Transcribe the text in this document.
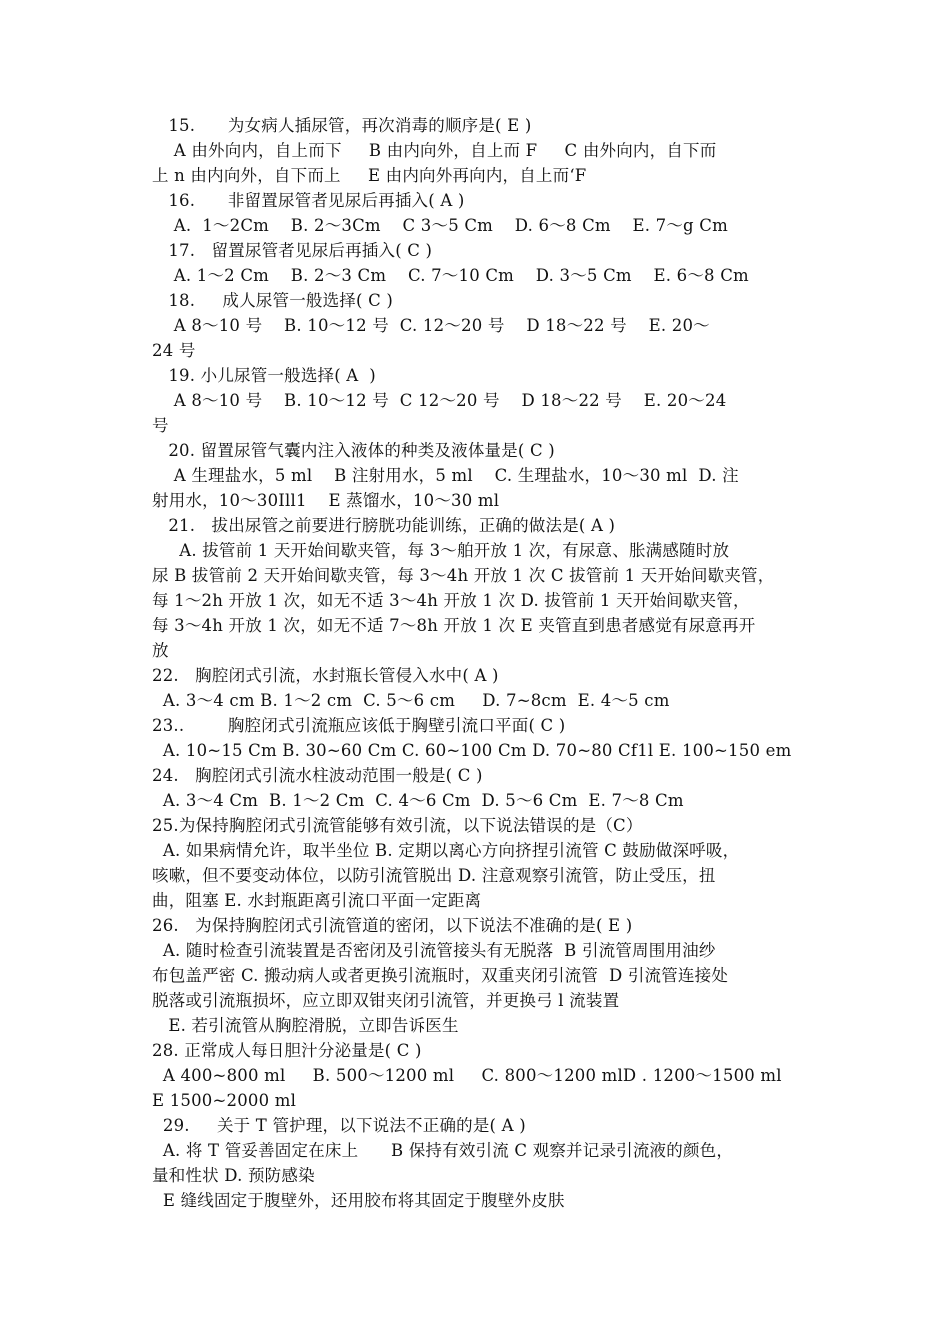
15.      为女病人插尿管，再次消毒的顺序是( E )
A 由外向内，自上而下     B 由内向外，自上而 F     C 由外向内，自下而
上 n 由内向外，自下而上     E 由内向外再向内，自上而‘F
16.      非留置尿管者见尿后再插入( A )
A.  1～2Cm    B. 2～3Cm    C 3～5 Cm    D. 6～8 Cm    E. 7～g Cm
17.   留置尿管者见尿后再插入( C )
A. 1～2 Cm    B. 2～3 Cm    C. 7～10 Cm    D. 3～5 Cm    E. 6～8 Cm
18.     成人尿管一般选择( C )
A 8～10 号    B. 10～12 号  C. 12～20 号    D 18～22 号    E. 20～
24 号
19. 小儿尿管一般选择( A  )
A 8～10 号    B. 10～12 号  C 12～20 号    D 18～22 号    E. 20～24
号
20. 留置尿管气囊内注入液体的种类及液体量是( C )
A 生理盐水，5 ml    B 注射用水，5 ml    C. 生理盐水，10～30 ml  D. 注
射用水，10～30Ill1    E 蒸馏水，10～30 ml
21.   拔出尿管之前要进行膀胱功能训练，正确的做法是( A )
A. 拔管前 1 天开始间歇夹管，每 3～舶开放 1 次，有尿意、胀满感随时放
尿 B 拔管前 2 天开始间歇夹管，每 3～4h 开放 1 次 C 拔管前 1 天开始间歇夹管，
每 1～2h 开放 1 次，如无不适 3～4h 开放 1 次 D. 拔管前 1 天开始间歇夹管，
每 3～4h 开放 1 次，如无不适 7～8h 开放 1 次 E 夹管直到患者感觉有尿意再开
放
22.   胸腔闭式引流，水封瓶长管侵入水中( A )
A. 3～4 cm B. 1～2 cm  C. 5～6 cm     D. 7~8cm  E. 4～5 cm
23..        胸腔闭式引流瓶应该低于胸壁引流口平面( C )
A. 10~15 Cm B. 30~60 Cm C. 60~100 Cm D. 70~80 Cf1l E. 100~150 em
24.   胸腔闭式引流水柱波动范围一般是( C )
A. 3～4 Cm  B. 1～2 Cm  C. 4～6 Cm  D. 5～6 Cm  E. 7～8 Cm
25.为保持胸腔闭式引流管能够有效引流，以下说法错误的是（C）
A. 如果病情允许，取半坐位 B. 定期以离心方向挤捏引流管 C 鼓励做深呼吸，
咳嗽，但不要变动体位，以防引流管脱出 D. 注意观察引流管，防止受压，扭
曲，阻塞 E. 水封瓶距离引流口平面一定距离
26.   为保持胸腔闭式引流管道的密闭，以下说法不准确的是( E )
A. 随时检查引流装置是否密闭及引流管接头有无脱落  B 引流管周围用油纱
布包盖严密 C. 搬动病人或者更换引流瓶时，双重夹闭引流管  D 引流管连接处
脱落或引流瓶损坏，应立即双钳夹闭引流管，并更换弓 l 流装置
E. 若引流管从胸腔滑脱，立即告诉医生
28. 正常成人每日胆汁分泌量是( C )
A 400~800 ml     B. 500～1200 ml     C. 800～1200 mlD . 1200～1500 ml
E 1500~2000 ml
29.     关于 T 管护理，以下说法不正确的是( A )
A. 将 T 管妥善固定在床上      B 保持有效引流 C 观察并记录引流液的颜色，
量和性状 D. 预防感染
E 缝线固定于腹壁外，还用胶布将其固定于腹壁外皮肤
